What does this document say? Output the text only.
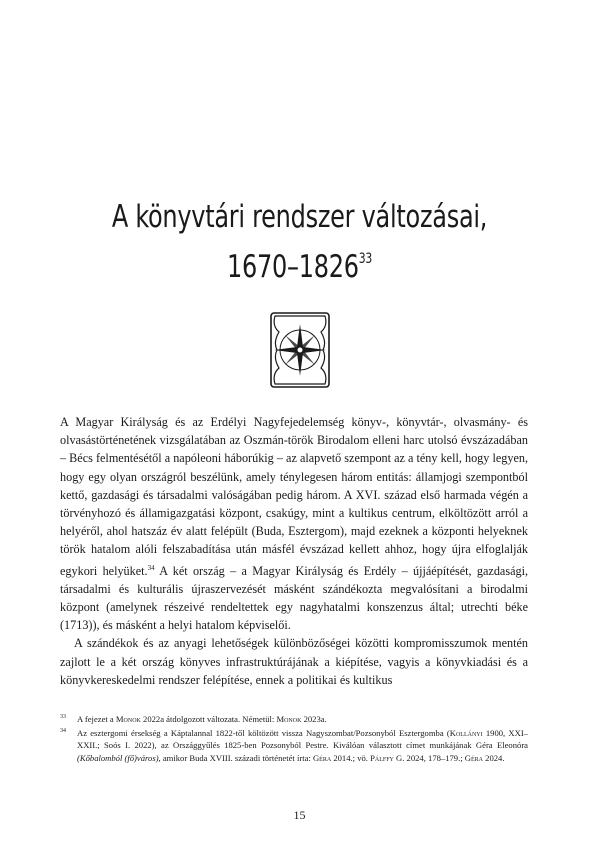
A könyvtári rendszer változásai,
1670–1826$^{33}$

A Magyar Királyság és az Erdélyi Nagyfejedelemség könyv-, könyvtár-, olvasmány- és olvasástörténetének vizsgálatában az Oszmán-török Birodalom elleni harc utolsó évszázadában – Bécs felmentésétől a napóleoni háborúkig – az alapvető szempont az a tény kell, hogy legyen, hogy egy olyan országról beszélünk, amely ténylegesen három entitás: államjogi szempontból kettő, gazdasági és társadalmi valóságában pedig három. A XVI. század első harmada végén a törvényhozó és államigazgatási központ, csakúgy, mint a kultikus centrum, elköltözött arról a helyéről, ahol hatszáz év alatt felépült (Buda, Esztergom), majd ezeknek a központi helyeknek török hatalom alóli felszabadítása után másfél évszázad kellett ahhoz, hogy újra elfoglalják egykori helyüket.$^{34}$ A két ország – a Magyar Királyság és Erdély – újjáépítését, gazdasági, társadalmi és kulturális újraszervezését másként szándékozta megvalósítani a birodalmi központ (amelynek részeivé rendeltettek egy nagyhatalmi konszenzus által; utrechti béke (1713)), és másként a helyi hatalom képviselői.

A szándékok és az anyagi lehetőségek különbözőségei közötti kompromisszumok mentén zajlott le a két ország könyves infrastruktúrájának a kiépítése, vagyis a könyvkiadási és a könyvkereskedelmi rendszer felépítése, ennek a politikai és kultikus

33 A fejezet a Monok 2022a átdolgozott változata. Németül: Monok 2023a.
34 Az esztergomi érsekség a Káptalannal 1822-től költözött vissza Nagyszombat/Pozsonyból Esztergomba (Kollányi 1900, XXI–XXII.; Soós I. 2022), az Országgyűlés 1825-ben Pozsonyból Pestre. Kiválóan választott címet munkájának Géra Eleonóra (Kőbalomból (fő)város), amikor Buda XVIII. századi történetét írta: Géra 2014.; vö. Pálffy G. 2024, 178–179.; Géra 2024.
15
